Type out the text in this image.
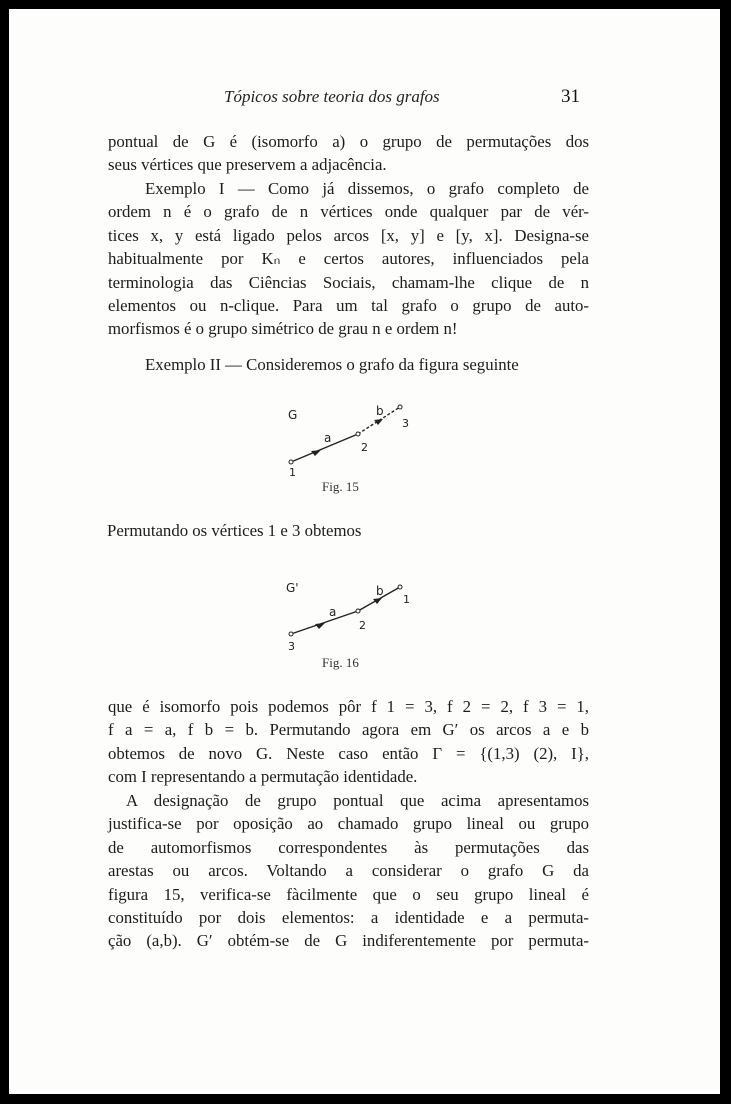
Tópicos sobre teoria dos grafos	31
pontual de G é (isomorfo a) o grupo de permutações dos
seus vértices que preservem a adjacência.
Exemplo I — Como já dissemos, o grafo completo de
ordem n é o grafo de n vértices onde qualquer par de vér-
tices x, y está ligado pelos arcos [x, y] e [y, x]. Designa-se
habitualmente por Kₙ e certos autores, influenciados pela
terminologia das Ciências Sociais, chamam-lhe clique de n
elementos ou n-clique. Para um tal grafo o grupo de auto-
morfismos é o grupo simétrico de grau n e ordem n!
Exemplo II — Consideremos o grafo da figura seguinte
G
1
2
3
a
b
Fig. 15
Permutando os vértices 1 e 3 obtemos
G'
3
2
1
a
b
Fig. 16
que é isomorfo pois podemos pôr f 1 = 3, f 2 = 2, f 3 = 1,
f a = a, f b = b. Permutando agora em G′ os arcos a e b
obtemos de novo G. Neste caso então Γ = {(1,3) (2), I},
com I representando a permutação identidade.
A designação de grupo pontual que acima apresentamos
justifica-se por oposição ao chamado grupo lineal ou grupo
de automorfismos correspondentes às permutações das
arestas ou arcos. Voltando a considerar o grafo G da
figura 15, verifica-se fàcilmente que o seu grupo lineal é
constituído por dois elementos: a identidade e a permuta-
ção (a,b). G′ obtém-se de G indiferentemente por permuta-
